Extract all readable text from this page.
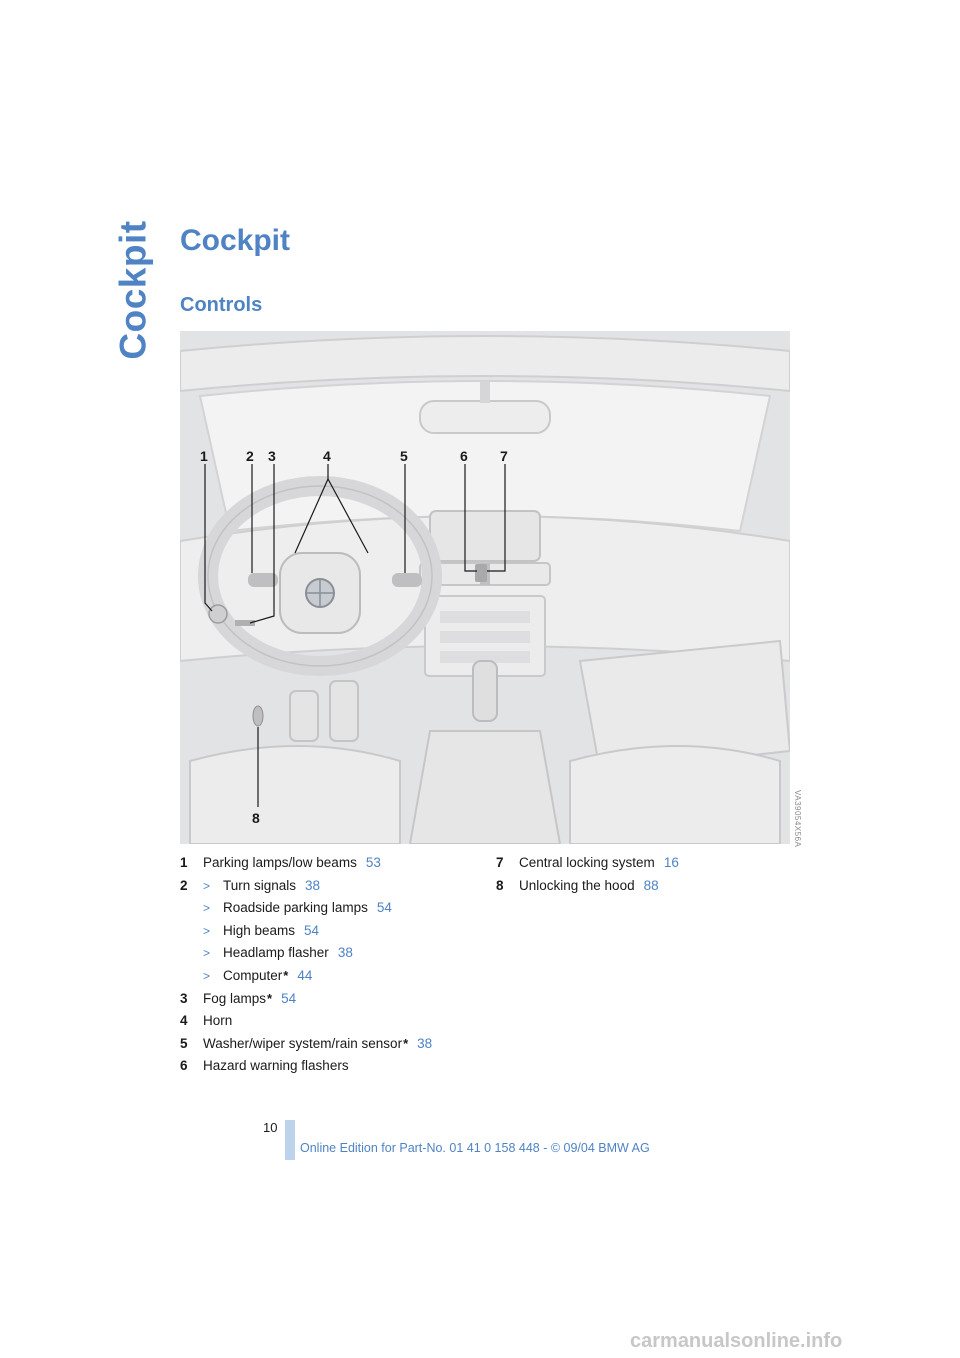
Cockpit Cockpit
Controls
1	2 3	4	5	6 7
8	VA39054X56A
1	Parking lamps/low beams 53
2	> Turn signals 38
> Roadside parking lamps 54
> High beams 54
> Headlamp flasher 38
> Computer * 44
3	Fog lamps * 54
4	Horn
5	Washer/wiper system/rain sensor * 38
6	Hazard warning flashers
7	Central locking system 16
8	Unlocking the hood 88
10
Online Edition for Part-No. 01 41 0 158 448 - © 09/04 BMW AG
carmanualsonline.info
